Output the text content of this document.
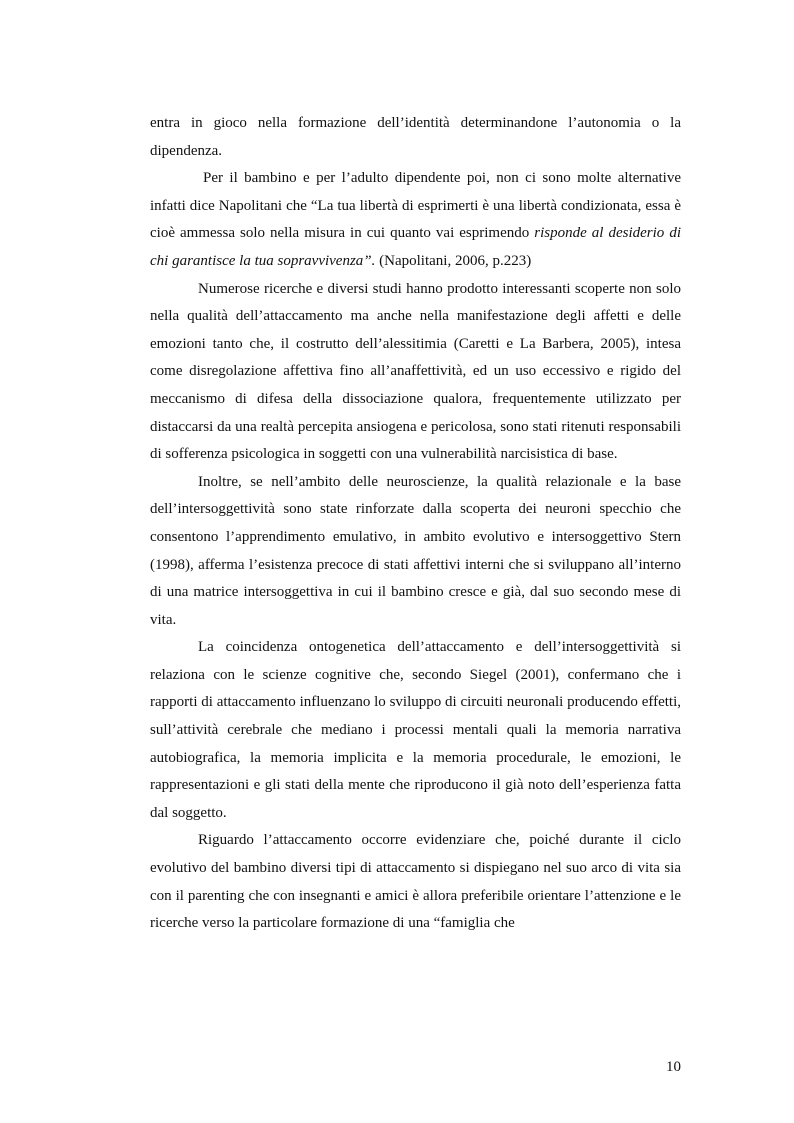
entra in gioco nella formazione dell’identità determinandone l’autonomia o la dipendenza.

Per il bambino e per l’adulto dipendente poi, non ci sono molte alternative infatti dice Napolitani che “La tua libertà di esprimerti è una libertà condizionata, essa è cioè ammessa solo nella misura in cui quanto vai esprimendo risponde al desiderio di chi garantisce la tua sopravvivenza”. (Napolitani, 2006, p.223)

Numerose ricerche e diversi studi hanno prodotto interessanti scoperte non solo nella qualità dell’attaccamento ma anche nella manifestazione degli affetti e delle emozioni tanto che, il costrutto dell’alessitimia (Caretti e La Barbera, 2005), intesa come disregolazione affettiva fino all’anaffettività, ed un uso eccessivo e rigido del meccanismo di difesa della dissociazione qualora, frequentemente utilizzato per distaccarsi da una realtà percepita ansiogena e pericolosa, sono stati ritenuti responsabili di sofferenza psicologica in soggetti con una vulnerabilità narcisistica di base.

Inoltre, se nell’ambito delle neuroscienze, la qualità relazionale e la base dell’intersoggettività sono state rinforzate dalla scoperta dei neuroni specchio che consentono l’apprendimento emulativo, in ambito evolutivo e intersoggettivo Stern (1998), afferma l’esistenza precoce di stati affettivi interni che si sviluppano all’interno di una matrice intersoggettiva in cui il bambino cresce e già, dal suo secondo mese di vita.

La coincidenza ontogenetica dell’attaccamento e dell’intersoggettività si relaziona con le scienze cognitive che, secondo Siegel (2001), confermano che i rapporti di attaccamento influenzano lo sviluppo di circuiti neuronali producendo effetti, sull’attività cerebrale che mediano i processi mentali quali la memoria narrativa autobiografica, la memoria implicita e la memoria procedurale, le emozioni, le rappresentazioni e gli stati della mente che riproducono il già noto dell’esperienza fatta dal soggetto.

Riguardo l’attaccamento occorre evidenziare che, poiché durante il ciclo evolutivo del bambino diversi tipi di attaccamento si dispiegano nel suo arco di vita sia con il parenting che con insegnanti e amici è allora preferibile orientare l’attenzione e le ricerche verso la particolare formazione di una “famiglia che

10
